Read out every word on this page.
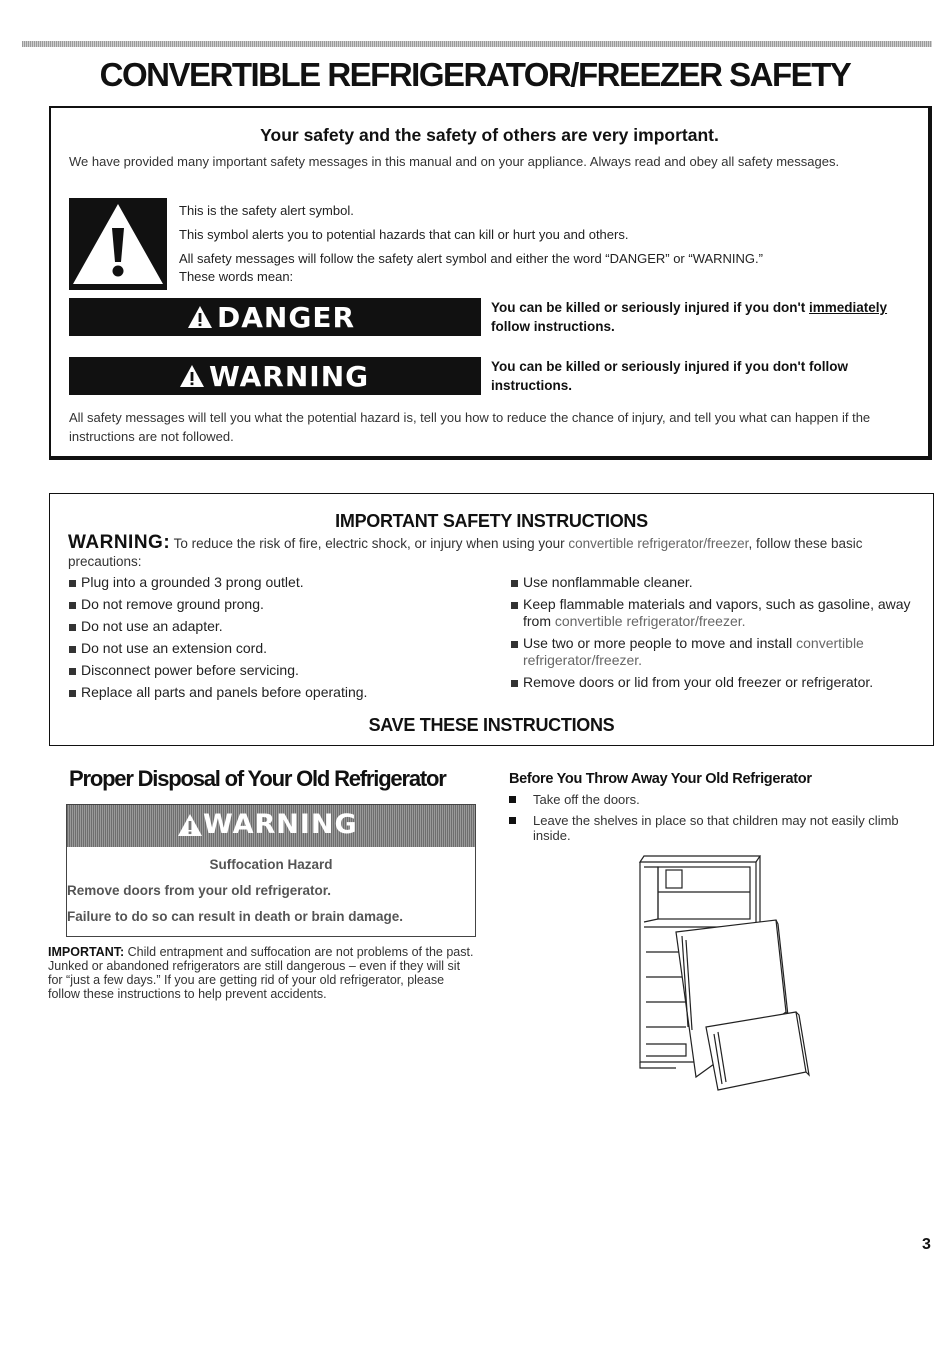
CONVERTIBLE REFRIGERATOR/FREEZER SAFETY
Your safety and the safety of others are very important.
We have provided many important safety messages in this manual and on your appliance. Always read and obey all safety messages.
This is the safety alert symbol.
This symbol alerts you to potential hazards that can kill or hurt you and others.
All safety messages will follow the safety alert symbol and either the word “DANGER” or “WARNING.”
These words mean:
DANGER	You can be killed or seriously injured if you don't immediately follow instructions.
WARNING	You can be killed or seriously injured if you don't follow instructions.
All safety messages will tell you what the potential hazard is, tell you how to reduce the chance of injury, and tell you what can happen if the instructions are not followed.
IMPORTANT SAFETY INSTRUCTIONS
WARNING: To reduce the risk of fire, electric shock, or injury when using your convertible refrigerator/freezer, follow these basic precautions:
Plug into a grounded 3 prong outlet.
Do not remove ground prong.
Do not use an adapter.
Do not use an extension cord.
Disconnect power before servicing.
Replace all parts and panels before operating.
Use nonflammable cleaner.
Keep flammable materials and vapors, such as gasoline, away from convertible refrigerator/freezer.
Use two or more people to move and install convertible refrigerator/freezer.
Remove doors or lid from your old freezer or refrigerator.
SAVE THESE INSTRUCTIONS
Proper Disposal of Your Old Refrigerator
WARNING
Suffocation Hazard
Remove doors from your old refrigerator.
Failure to do so can result in death or brain damage.
IMPORTANT: Child entrapment and suffocation are not problems of the past. Junked or abandoned refrigerators are still dangerous – even if they will sit for “just a few days.” If you are getting rid of your old refrigerator, please follow these instructions to help prevent accidents.
Before You Throw Away Your Old Refrigerator
Take off the doors.
Leave the shelves in place so that children may not easily climb inside.
3
